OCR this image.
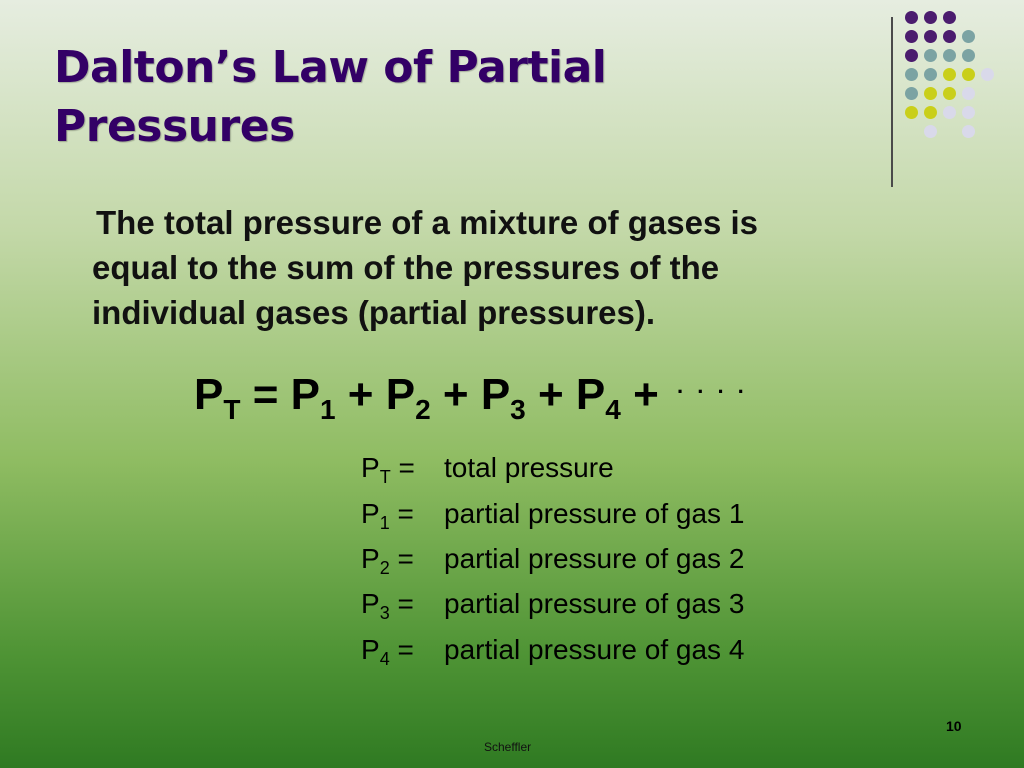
Dalton’s Law of Partial
Pressures

The total pressure of a mixture of gases is
equal to the sum of the pressures of the
individual gases (partial pressures).

$P_T = P_1 + P_2 + P_3 + P_4 + ^{. . . .}$
$P_T$ = total pressure
$P_1$ = partial pressure of gas 1
$P_2$ = partial pressure of gas 2
$P_3$ = partial pressure of gas 3
$P_4$ = partial pressure of gas 4
10
Scheffler
